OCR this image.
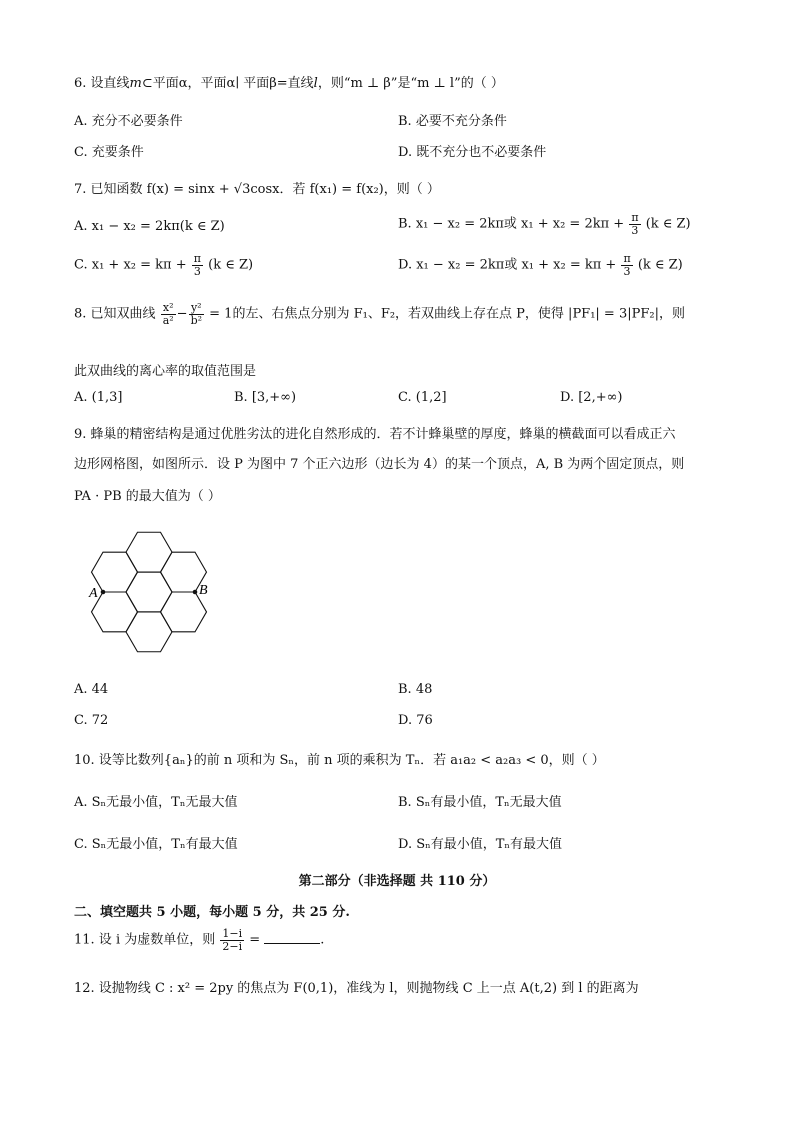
6. 设直线m⊂平面α，平面α∣ 平面β=直线l，则“m ⊥ β”是“m ⊥ l”的（ ）
A. 充分不必要条件	B. 必要不充分条件
C. 充要条件	D. 既不充分也不必要条件
7. 已知函数 f(x) = sinx + √3cosx．若 f(x₁) = f(x₂)，则（ ）
A. x₁ − x₂ = 2kπ(k ∈ Z)	B. x₁ − x₂ = 2kπ或 $x_1 + x_2 = 2k\pi + \frac{\pi}{3} (k$ ∈ Z)
C. $x_1 + x_2 = k\pi + \frac{\pi}{3} (k$ ∈ Z)	D. x₁ − x₂ = 2kπ或 $x_1 + x_2 = k\pi + \frac{\pi}{3} (k$ ∈ Z)
8. 已知双曲线 $\frac{\text{x²}}{\text{a²}} - \frac{\text{y²}}{\text{b²}} = 1$的左、右焦点分别为 F₁、F₂，若双曲线上存在点 P，使得 |PF₁| = 3|PF₂|，则
此双曲线的离心率的取值范围是
A. (1,3]	B. [3,+∞)	C. (1,2]	D. [2,+∞)
9. 蜂巢的精密结构是通过优胜劣汰的进化自然形成的．若不计蜂巢壁的厚度，蜂巢的横截面可以看成正六
边形网格图，如图所示．设 P 为图中 7 个正六边形（边长为 4）的某一个顶点，A, B 为两个固定顶点，则
PA · PB 的最大值为（ ）
A	B
A. 44	B. 48
C. 72	D. 76
10. 设等比数列{aₙ}的前 n 项和为 Sₙ，前 n 项的乘积为 Tₙ．若 a₁a₂ < a₂a₃ < 0，则（ ）
A. Sₙ无最小值，Tₙ无最大值	B. Sₙ有最小值，Tₙ无最大值
C. Sₙ无最小值，Tₙ有最大值	D. Sₙ有最小值，Tₙ有最大值
第二部分（非选择题 共 110 分）
二、填空题共 5 小题，每小题 5 分，共 25 分.
11. 设 i 为虚数单位，则 $\frac{1-i}{2-i}$ =	.
12. 设抛物线 C : x² = 2py 的焦点为 F(0,1)，准线为 l，则抛物线 C 上一点 A(t,2) 到 l 的距离为
